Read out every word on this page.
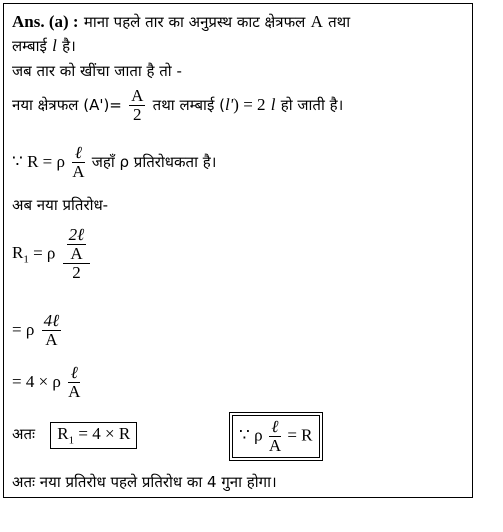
Ans. (a) : माना पहले तार का अनुप्रस्थ काट क्षेत्रफल A तथा
लम्बाई l है।
जब तार को खींचा जाता है तो -
नया क्षेत्रफल $(A')= \frac{A}{2}$ तथा लम्बाई (l') = 2 l हो जाती है।
∵ R = ρ $\frac{\text{ℓ}}{A}$ जहाँ ρ प्रतिरोधकता है।
अब नया प्रतिरोध-
$R_1 = \rho \frac{\frac{\text{2ℓ}}{A}}{2}$
= ρ $\frac{\text{4ℓ}}{A}$
= 4 × ρ $\frac{\text{ℓ}}{A}$
अतः $R_1 = 4 \times R$	∵ ρ $\frac{\text{ℓ}}{A} = R$
अतः नया प्रतिरोध पहले प्रतिरोध का 4 गुना होगा।
